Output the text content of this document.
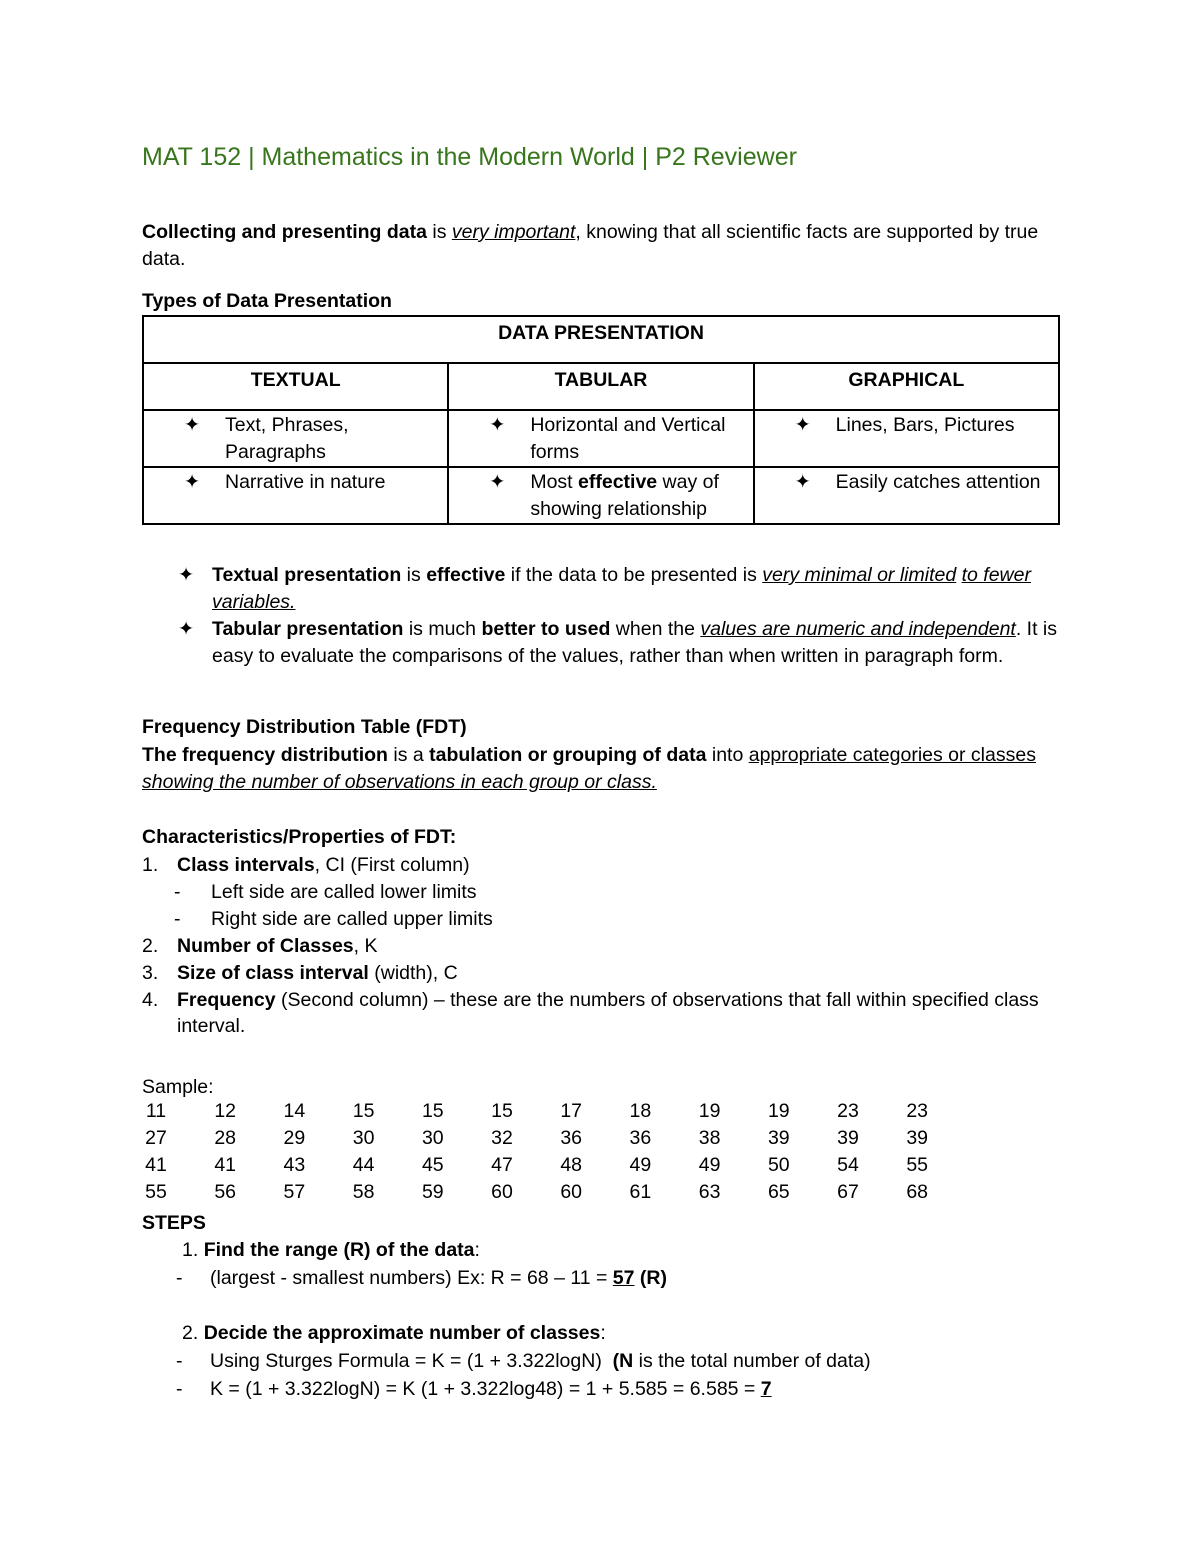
MAT 152 | Mathematics in the Modern World | P2 Reviewer
Collecting and presenting data is very important, knowing that all scientific facts are supported by true data.
Types of Data Presentation
DATA PRESENTATION		
TEXTUAL	TABULAR	GRAPHICAL

✦ Text, Phrases, Paragraphs	✦ Horizontal and Vertical forms	✦ Lines, Bars, Pictures

✦ Narrative in nature	✦ Most effective way of showing relationship	✦ Easily catches attention
✦ Textual presentation is effective if the data to be presented is very minimal or limited to fewer variables.
✦ Tabular presentation is much better to used when the values are numeric and independent. It is easy to evaluate the comparisons of the values, rather than when written in paragraph form.
Frequency Distribution Table (FDT)
The frequency distribution is a tabulation or grouping of data into appropriate categories or classes showing the number of observations in each group or class.
Characteristics/Properties of FDT:
1. Class intervals, CI (First column)
- Left side are called lower limits
- Right side are called upper limits
2. Number of Classes, K
3. Size of class interval (width), C
4. Frequency (Second column) – these are the numbers of observations that fall within specified class interval.
Sample:
11	12	14	15	15	15	17	18	19	19	23	23
27	28	29	30	30	32	36	36	38	39	39	39
41	41	43	44	45	47	48	49	49	50	54	55
55	56	57	58	59	60	60	61	63	65	67	68
STEPS
1. Find the range (R) of the data:
- (largest - smallest numbers) Ex: R = 68 – 11 = 57 (R)
2. Decide the approximate number of classes:
- Using Sturges Formula = K = (1 + 3.322logN)  (N is the total number of data)
- K = (1 + 3.322logN) = K (1 + 3.322log48) = 1 + 5.585 = 6.585 = 7
